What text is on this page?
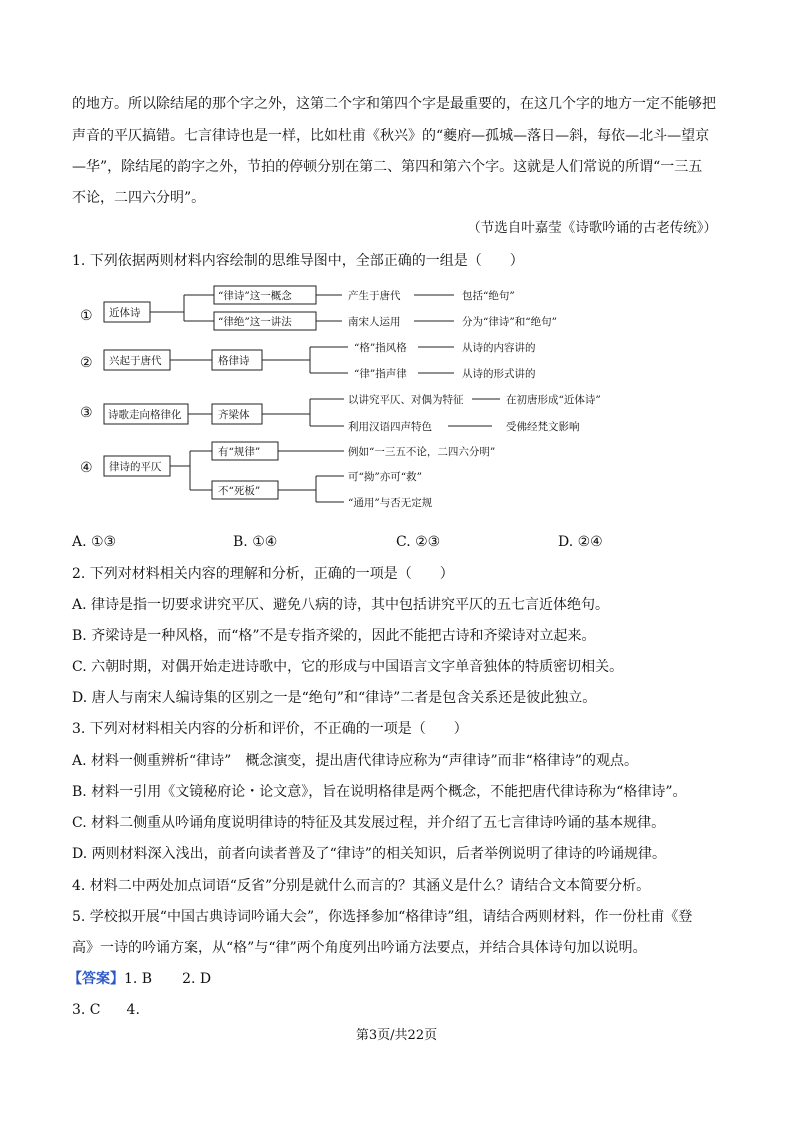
的地方。所以除结尾的那个字之外，这第二个字和第四个字是最重要的，在这几个字的地方一定不能够把
声音的平仄搞错。七言律诗也是一样，比如杜甫《秋兴》的“夔府—孤城—落日—斜，每依—北斗—望京
—华”，除结尾的韵字之外，节拍的停顿分别在第二、第四和第六个字。这就是人们常说的所谓“一三五
不论，二四六分明”。
（节选自叶嘉莹《诗歌吟诵的古老传统》）
1. 下列依据两则材料内容绘制的思维导图中，全部正确的一组是（　　）
① 近体诗
“律诗”这一概念
“律绝”这一讲法
产生于唐代	包括“绝句”
南宋人运用	分为“律诗”和“绝句”
② 兴起于唐代	格律诗
“格”指风格	从诗的内容讲的
“律”指声律	从诗的形式讲的
③ 诗歌走向格律化	齐梁体
以讲究平仄、对偶为特征	在初唐形成“近体诗”
利用汉语四声特色	受佛经梵文影响
④ 律诗的平仄
有“规律”
不“死板”
例如“一三五不论，二四六分明”
可“拗”亦可“救”
“通用”与否无定规
A. ①③	B. ①④	C. ②③	D. ②④
2. 下列对材料相关内容的理解和分析，正确的一项是（　　）
A. 律诗是指一切要求讲究平仄、避免八病的诗，其中包括讲究平仄的五七言近体绝句。
B. 齐梁诗是一种风格，而“格”不是专指齐梁的，因此不能把古诗和齐梁诗对立起来。
C. 六朝时期，对偶开始走进诗歌中，它的形成与中国语言文字单音独体的特质密切相关。
D. 唐人与南宋人编诗集的区别之一是“绝句”和“律诗”二者是包含关系还是彼此独立。
3. 下列对材料相关内容的分析和评价，不正确的一项是（　　）
A. 材料一侧重辨析“律诗”　概念演变，提出唐代律诗应称为“声律诗”而非“格律诗”的观点。
B. 材料一引用《文镜秘府论・论文意》，旨在说明格律是两个概念，不能把唐代律诗称为“格律诗”。
C. 材料二侧重从吟诵角度说明律诗的特征及其发展过程，并介绍了五七言律诗吟诵的基本规律。
D. 两则材料深入浅出，前者向读者普及了“律诗”的相关知识，后者举例说明了律诗的吟诵规律。
4. 材料二中两处加点词语“反省”分别是就什么而言的？其涵义是什么？请结合文本简要分析。
5. 学校拟开展“中国古典诗词吟诵大会”，你选择参加“格律诗”组，请结合两则材料，作一份杜甫《登
高》一诗的吟诵方案，从“格”与“律”两个角度列出吟诵方法要点，并结合具体诗句加以说明。
【答案】1. B 2. D
3. C 4.
第3页/共22页
